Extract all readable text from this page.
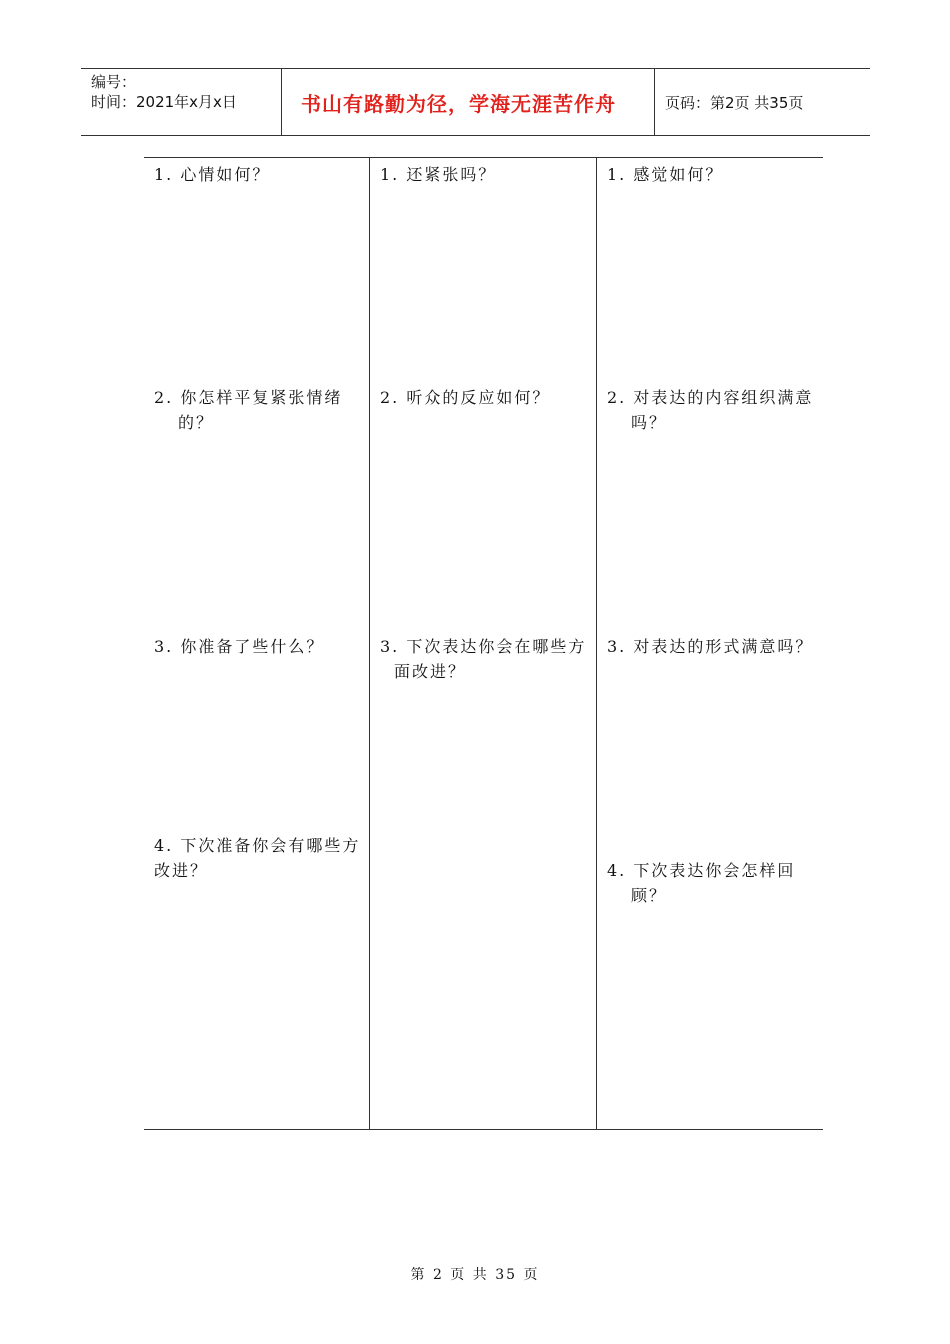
编号：
时间：2021年x月x日	书山有路勤为径，学海无涯苦作舟	页码：第2页 共35页
1. 心情如何？
2. 你怎样平复紧张情绪的？
3. 你准备了些什么？
4. 下次准备你会有哪些方改进？
1. 还紧张吗？
2. 听众的反应如何？
3. 下次表达你会在哪些方面改进？
1. 感觉如何？
2. 对表达的内容组织满意吗？
3. 对表达的形式满意吗？
4. 下次表达你会怎样回顾？
第 2 页 共 35 页
